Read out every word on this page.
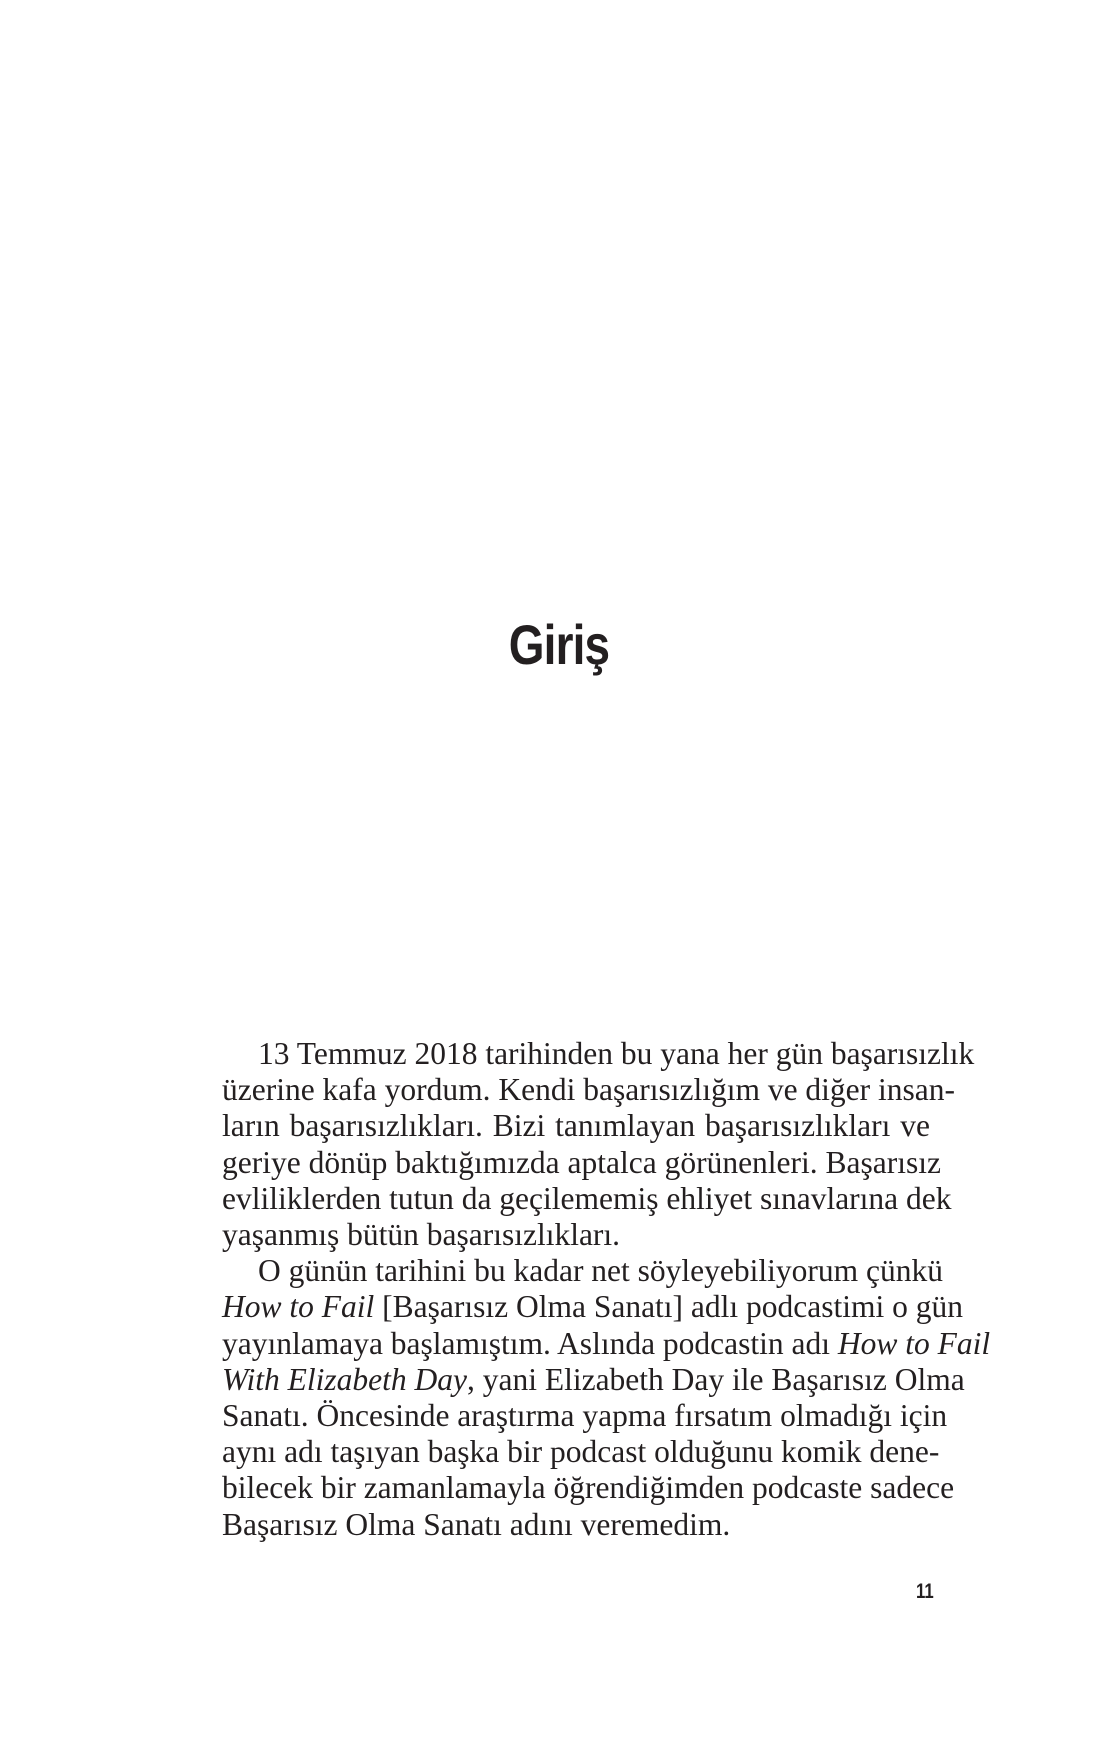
Giriş
13 Temmuz 2018 tarihinden bu yana her gün başarısızlık
üzerine kafa yordum. Kendi başarısızlığım ve diğer insan-
ların başarısızlıkları. Bizi tanımlayan başarısızlıkları ve
geriye dönüp baktığımızda aptalca görünenleri. Başarısız
evliliklerden tutun da geçilememiş ehliyet sınavlarına dek
yaşanmış bütün başarısızlıkları.
O günün tarihini bu kadar net söyleyebiliyorum çünkü
How to Fail [Başarısız Olma Sanatı] adlı podcastimi o gün
yayınlamaya başlamıştım. Aslında podcastin adı How to Fail
With Elizabeth Day, yani Elizabeth Day ile Başarısız Olma
Sanatı. Öncesinde araştırma yapma fırsatım olmadığı için
aynı adı taşıyan başka bir podcast olduğunu komik dene-
bilecek bir zamanlamayla öğrendiğimden podcaste sadece
Başarısız Olma Sanatı adını veremedim.
11
